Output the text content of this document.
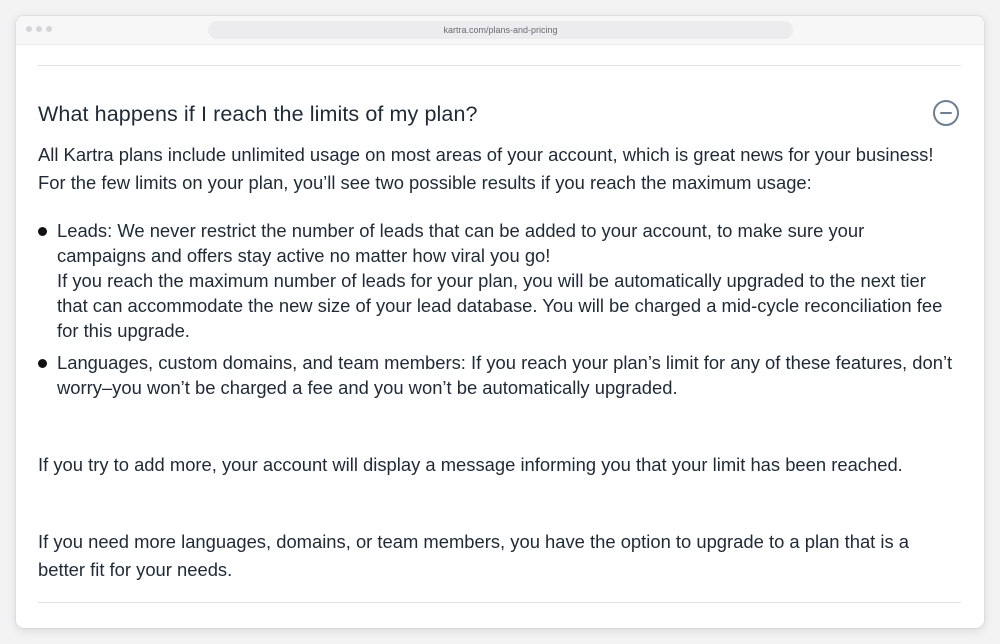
kartra.com/plans-and-pricing
What happens if I reach the limits of my plan?

All Kartra plans include unlimited usage on most areas of your account, which is great news for your business! For the few limits on your plan, you’ll see two possible results if you reach the maximum usage:

Leads: We never restrict the number of leads that can be added to your account, to make sure your campaigns and offers stay active no matter how viral you go!
If you reach the maximum number of leads for your plan, you will be automatically upgraded to the next tier that can accommodate the new size of your lead database. You will be charged a mid-cycle reconciliation fee for this upgrade.
Languages, custom domains, and team members: If you reach your plan’s limit for any of these features, don’t worry–you won’t be charged a fee and you won’t be automatically upgraded.

If you try to add more, your account will display a message informing you that your limit has been reached.

If you need more languages, domains, or team members, you have the option to upgrade to a plan that is a better fit for your needs.
